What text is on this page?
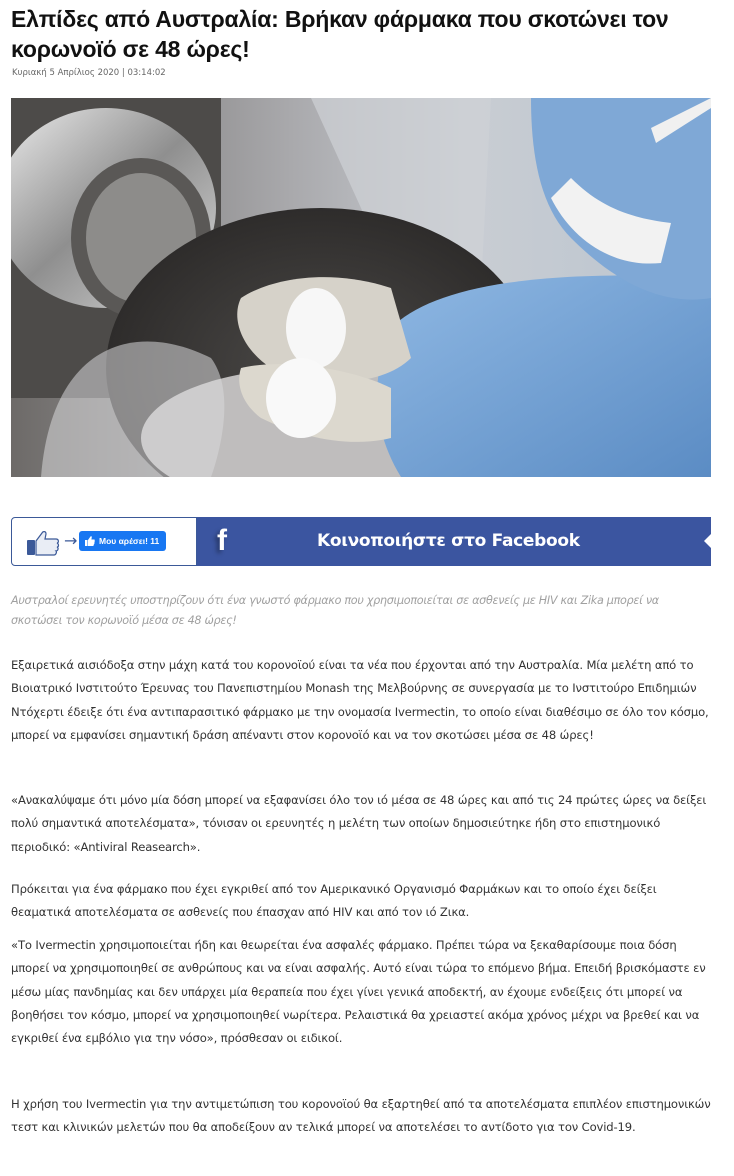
Ελπίδες από Αυστραλία: Βρήκαν φάρμακα που σκοτώνει τον κορωνοϊό σε 48 ώρες!
Κυριακή 5 Απρίλιος 2020 | 03:14:02
→	Μου αρέσει! 11 f	Κοινοποιήστε στο Facebook

Αυστραλοί ερευνητές υποστηρίζουν ότι ένα γνωστό φάρμακο που χρησιμοποιείται σε ασθενείς με HIV και Zika μπορεί να σκοτώσει τον κορωνοϊό μέσα σε 48 ώρες!

Εξαιρετικά αισιόδοξα στην μάχη κατά του κορονοϊού είναι τα νέα που έρχονται από την Αυστραλία. Μία μελέτη από το Βιοιατρικό Ινστιτούτο Έρευνας του Πανεπιστημίου Monash της Μελβούρνης σε συνεργασία με το Ινστιτούρο Επιδημιών Ντόχερτι έδειξε ότι ένα αντιπαρασιτικό φάρμακο με την ονομασία Ivermectin, το οποίο είναι διαθέσιμο σε όλο τον κόσμο, μπορεί να εμφανίσει σημαντική δράση απέναντι στον κορονοϊό και να τον σκοτώσει μέσα σε 48 ώρες!

«Ανακαλύψαμε ότι μόνο μία δόση μπορεί να εξαφανίσει όλο τον ιό μέσα σε 48 ώρες και από τις 24 πρώτες ώρες να δείξει πολύ σημαντικά αποτελέσματα», τόνισαν οι ερευνητές η μελέτη των οποίων δημοσιεύτηκε ήδη στο επιστημονικό περιοδικό: «Antiviral Reasearch».

Πρόκειται για ένα φάρμακο που έχει εγκριθεί από τον Αμερικανικό Οργανισμό Φαρμάκων και το οποίο έχει δείξει θεαματικά αποτελέσματα σε ασθενείς που έπασχαν από HIV και από τον ιό Ζικα.

«Το Ivermectin χρησιμοποιείται ήδη και θεωρείται ένα ασφαλές φάρμακο. Πρέπει τώρα να ξεκαθαρίσουμε ποια δόση μπορεί να χρησιμοποιηθεί σε ανθρώπους και να είναι ασφαλής. Αυτό είναι τώρα το επόμενο βήμα. Επειδή βρισκόμαστε εν μέσω μίας πανδημίας και δεν υπάρχει μία θεραπεία που έχει γίνει γενικά αποδεκτή, αν έχουμε ενδείξεις ότι μπορεί να βοηθήσει τον κόσμο, μπορεί να χρησιμοποιηθεί νωρίτερα. Ρελαιστικά θα χρειαστεί ακόμα χρόνος μέχρι να βρεθεί και να εγκριθεί ένα εμβόλιο για την νόσο», πρόσθεσαν οι ειδικοί.

Η χρήση του Ivermectin για την αντιμετώπιση του κορονοϊού θα εξαρτηθεί από τα αποτελέσματα επιπλέον επιστημονικών τεστ και κλινικών μελετών που θα αποδείξουν αν τελικά μπορεί να αποτελέσει το αντίδοτο για τον Covid-19.
